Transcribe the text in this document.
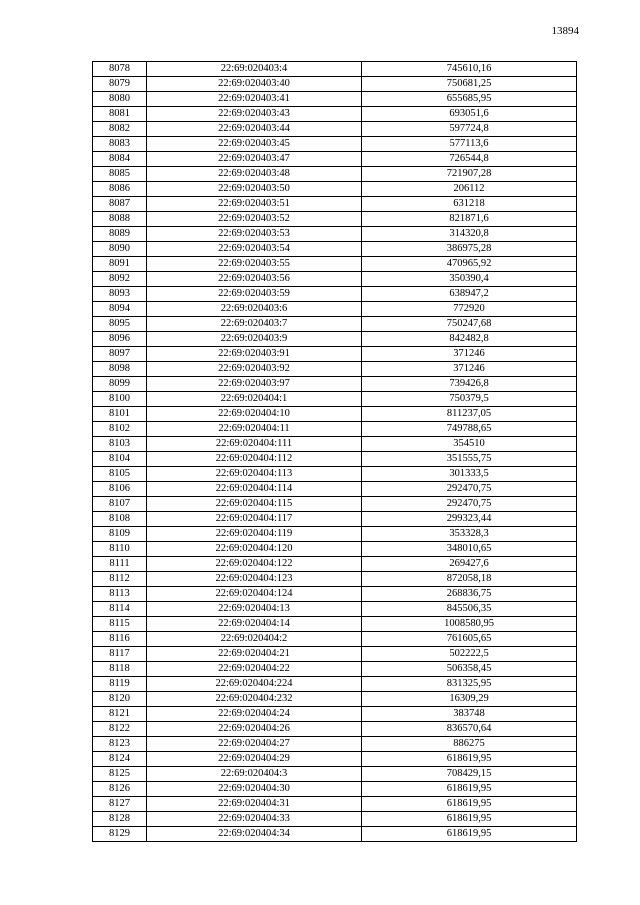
13894
8078	22:69:020403:4	745610,16
8079	22:69:020403:40	750681,25
8080	22:69:020403:41	655685,95
8081	22:69:020403:43	693051,6
8082	22:69:020403:44	597724,8
8083	22:69:020403:45	577113,6
8084	22:69:020403:47	726544,8
8085	22:69:020403:48	721907,28
8086	22:69:020403:50	206112
8087	22:69:020403:51	631218
8088	22:69:020403:52	821871,6
8089	22:69:020403:53	314320,8
8090	22:69:020403:54	386975,28
8091	22:69:020403:55	470965,92
8092	22:69:020403:56	350390,4
8093	22:69:020403:59	638947,2
8094	22:69:020403:6	772920
8095	22:69:020403:7	750247,68
8096	22:69:020403:9	842482,8
8097	22:69:020403:91	371246
8098	22:69:020403:92	371246
8099	22:69:020403:97	739426,8
8100	22:69:020404:1	750379,5
8101	22:69:020404:10	811237,05
8102	22:69:020404:11	749788,65
8103	22:69:020404:111	354510
8104	22:69:020404:112	351555,75
8105	22:69:020404:113	301333,5
8106	22:69:020404:114	292470,75
8107	22:69:020404:115	292470,75
8108	22:69:020404:117	299323,44
8109	22:69:020404:119	353328,3
8110	22:69:020404:120	348010,65
8111	22:69:020404:122	269427,6
8112	22:69:020404:123	872058,18
8113	22:69:020404:124	268836,75
8114	22:69:020404:13	845506,35
8115	22:69:020404:14	1008580,95
8116	22:69:020404:2	761605,65
8117	22:69:020404:21	502222,5
8118	22:69:020404:22	506358,45
8119	22:69:020404:224	831325,95
8120	22:69:020404:232	16309,29
8121	22:69:020404:24	383748
8122	22:69:020404:26	836570,64
8123	22:69:020404:27	886275
8124	22:69:020404:29	618619,95
8125	22:69:020404:3	708429,15
8126	22:69:020404:30	618619,95
8127	22:69:020404:31	618619,95
8128	22:69:020404:33	618619,95
8129	22:69:020404:34	618619,95
